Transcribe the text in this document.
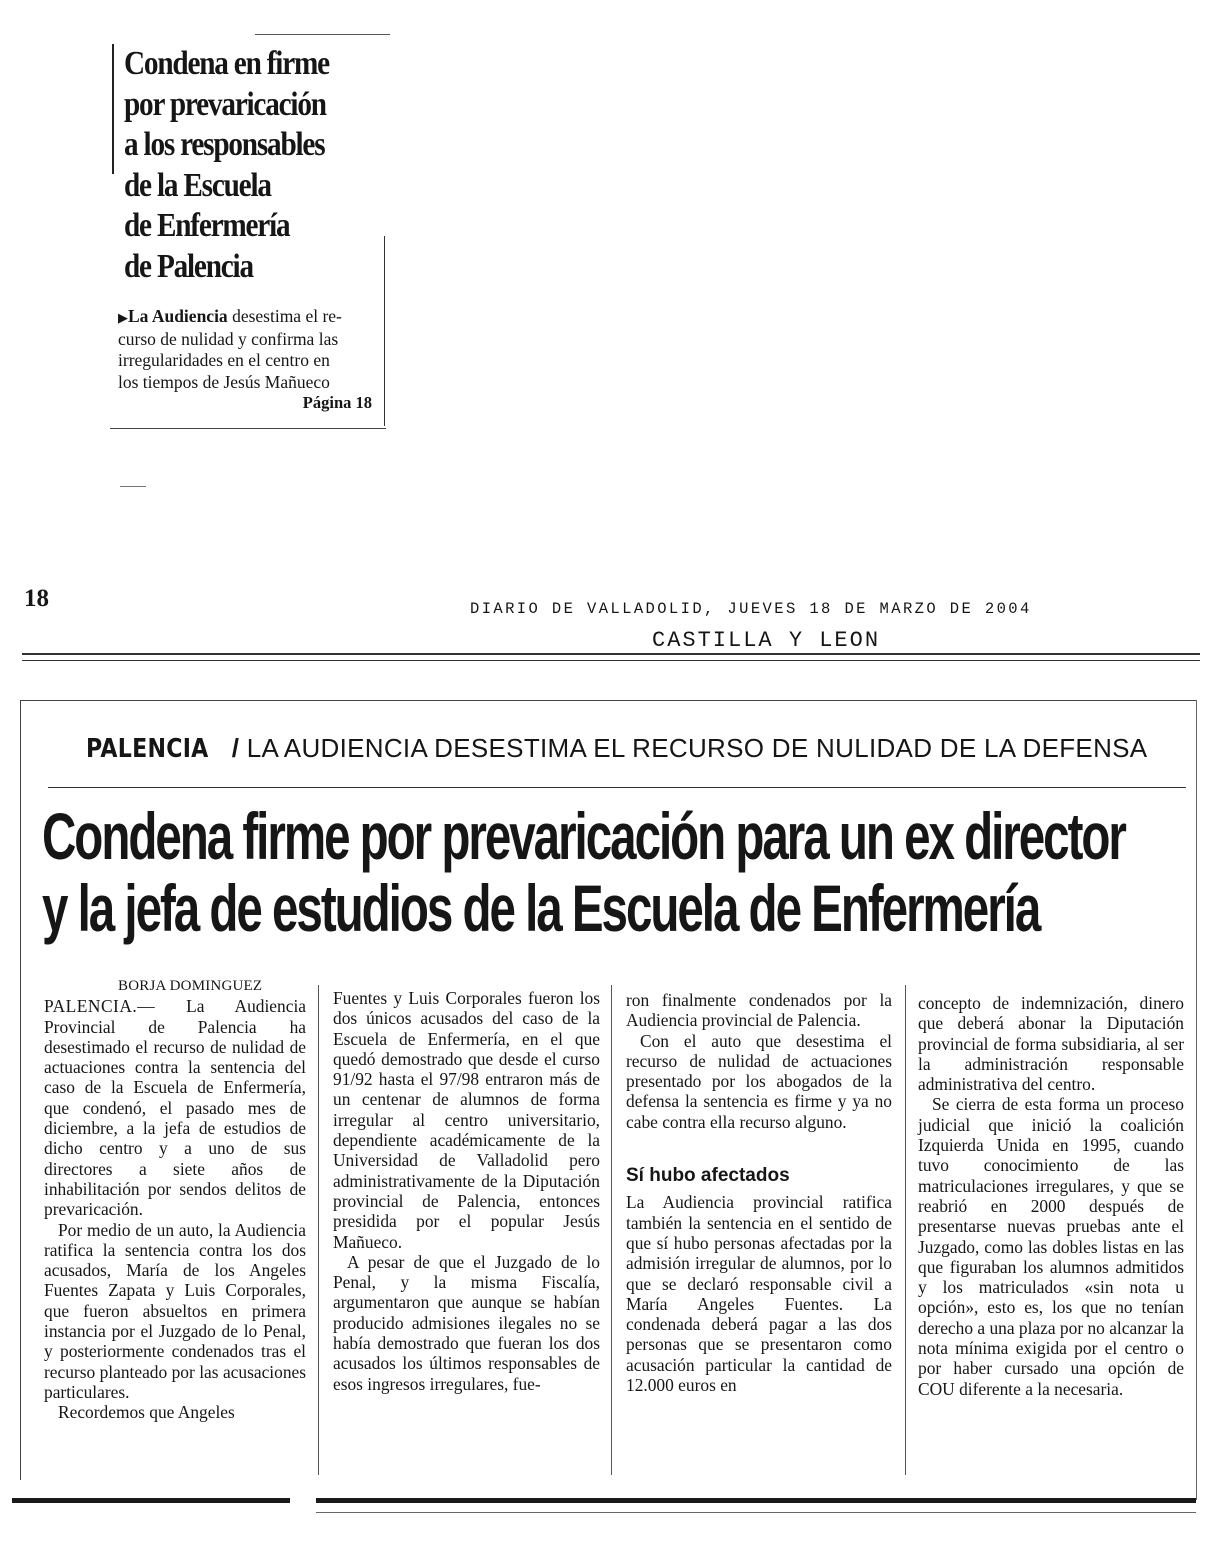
Condena en firme
por prevaricación
a los responsables
de la Escuela
de Enfermería
de Palencia

▶La Audiencia desestima el re-
curso de nulidad y confirma las
irregularidades en el centro en
los tiempos de Jesús Mañueco

Página 18
18	DIARIO DE VALLADOLID, JUEVES 18 DE MARZO DE 2004
CASTILLA Y LEON
PALENCIA / LA AUDIENCIA DESESTIMA EL RECURSO DE NULIDAD DE LA DEFENSA
Condena firme por prevaricación para un ex director
y la jefa de estudios de la Escuela de Enfermería
BORJA DOMINGUEZ

PALENCIA.— La Audiencia Provincial de Palencia ha desestimado el recurso de nulidad de actuaciones contra la sentencia del caso de la Escuela de Enfermería, que condenó, el pasado mes de diciembre, a la jefa de estudios de dicho centro y a uno de sus directores a siete años de inhabilitación por sendos delitos de prevaricación.

Por medio de un auto, la Audiencia ratifica la sentencia contra los dos acusados, María de los Angeles Fuentes Zapata y Luis Corporales, que fueron absueltos en primera instancia por el Juzgado de lo Penal, y posteriormente condenados tras el recurso planteado por las acusaciones particulares.

Recordemos que Angeles

Fuentes y Luis Corporales fueron los dos únicos acusados del caso de la Escuela de Enfermería, en el que quedó demostrado que desde el curso 91/92 hasta el 97/98 entraron más de un centenar de alumnos de forma irregular al centro universitario, dependiente académicamente de la Universidad de Valladolid pero administrativamente de la Diputación provincial de Palencia, entonces presidida por el popular Jesús Mañueco.

A pesar de que el Juzgado de lo Penal, y la misma Fiscalía, argumentaron que aunque se habían producido admisiones ilegales no se había demostrado que fueran los dos acusados los últimos responsables de esos ingresos irregulares, fue-

ron finalmente condenados por la Audiencia provincial de Palencia.

Con el auto que desestima el recurso de nulidad de actuaciones presentado por los abogados de la defensa la sentencia es firme y ya no cabe contra ella recurso alguno.

Sí hubo afectados

La Audiencia provincial ratifica también la sentencia en el sentido de que sí hubo personas afectadas por la admisión irregular de alumnos, por lo que se declaró responsable civil a María Angeles Fuentes. La condenada deberá pagar a las dos personas que se presentaron como acusación particular la cantidad de 12.000 euros en

concepto de indemnización, dinero que deberá abonar la Diputación provincial de forma subsidiaria, al ser la administración responsable administrativa del centro.

Se cierra de esta forma un proceso judicial que inició la coalición Izquierda Unida en 1995, cuando tuvo conocimiento de las matriculaciones irregulares, y que se reabrió en 2000 después de presentarse nuevas pruebas ante el Juzgado, como las dobles listas en las que figuraban los alumnos admitidos y los matriculados «sin nota u opción», esto es, los que no tenían derecho a una plaza por no alcanzar la nota mínima exigida por el centro o por haber cursado una opción de COU diferente a la necesaria.
